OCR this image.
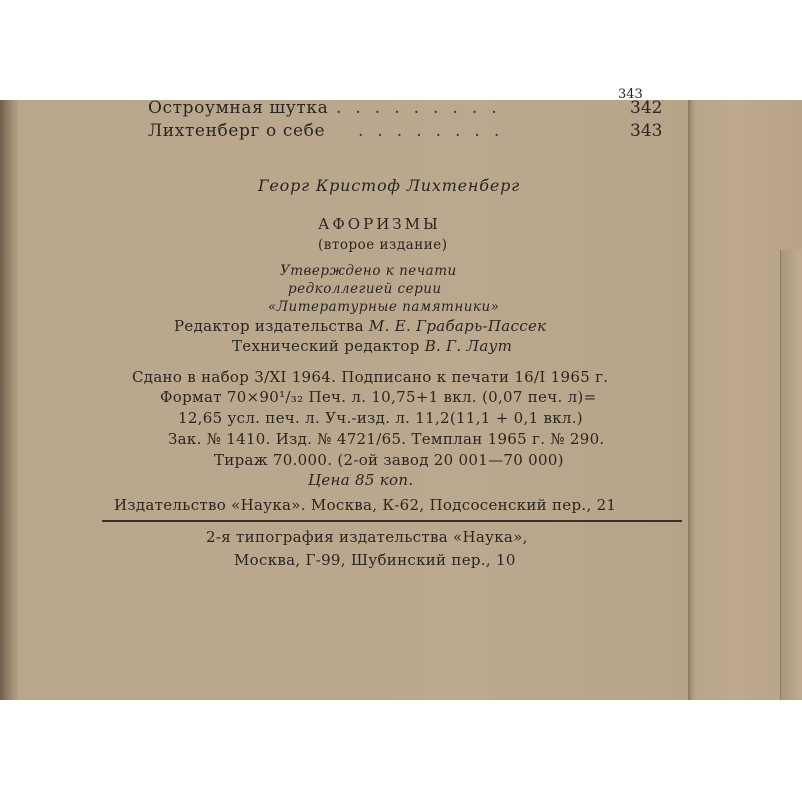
343
Остроумная шутка .........	342
Лихтенберг о себе ........	343
Георг Кристоф Лихтенберг
АФОРИЗМЫ
(второе издание)
Утверждено к печати
редколлегией серии
«Литературные памятники»
Редактор издательства М. Е. Грабарь-Пассек
Технический редактор В. Г. Лаут
Сдано в набор 3/XI 1964. Подписано к печати 16/I 1965 г.
Формат 70×90¹/₃₂ Печ. л. 10,75+1 вкл. (0,07 печ. л)=
12,65 усл. печ. л. Уч.-изд. л. 11,2(11,1 + 0,1 вкл.)
Зак. № 1410. Изд. № 4721/65. Темплан 1965 г. № 290.
Тираж 70.000. (2-ой завод 20 001—70 000)
Цена 85 коп.
Издательство «Наука». Москва, К-62, Подсосенский пер., 21
2-я типография издательства «Наука»,
Москва, Г-99, Шубинский пер., 10
